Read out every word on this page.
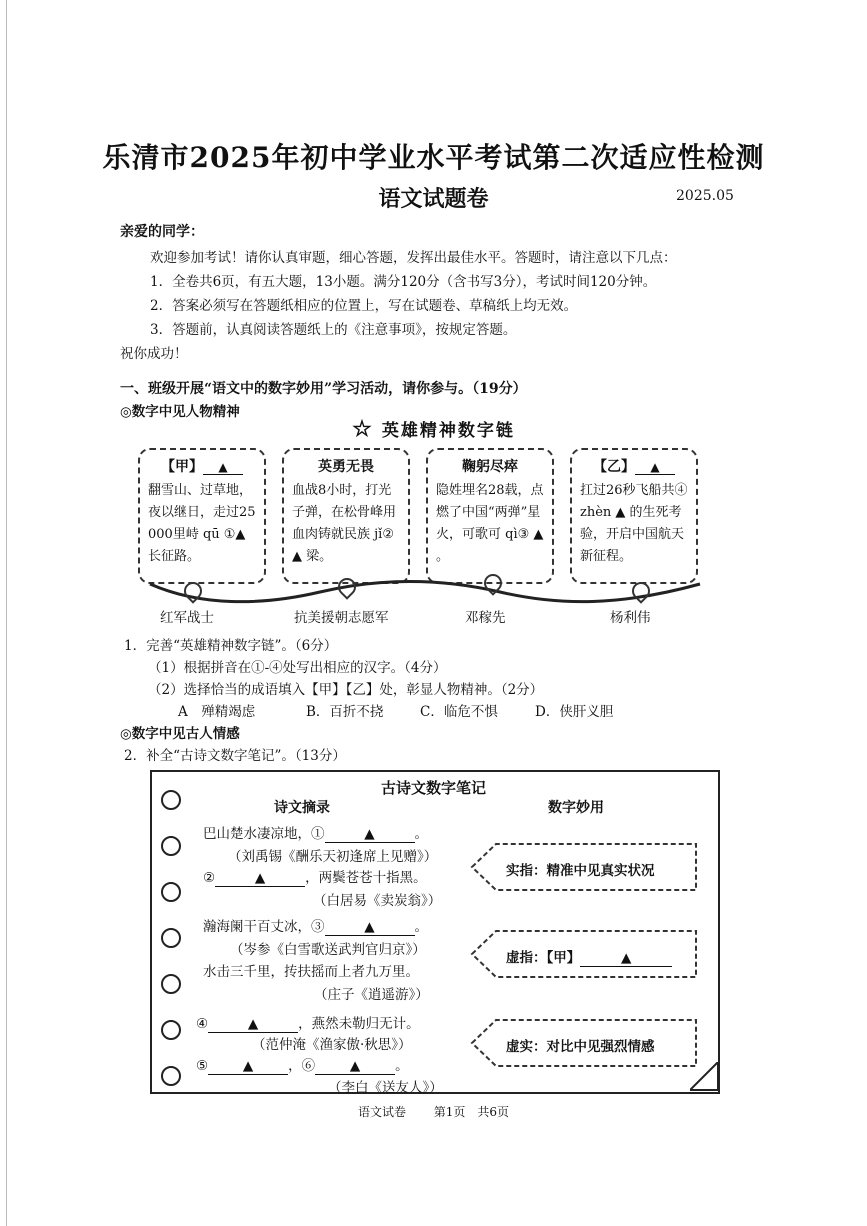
乐清市2025年初中学业水平考试第二次适应性检测
语文试题卷	2025.05
亲爱的同学：
欢迎参加考试！请你认真审题，细心答题，发挥出最佳水平。答题时，请注意以下几点：
1．全卷共6页，有五大题，13小题。满分120分（含书写3分），考试时间120分钟。
2．答案必须写在答题纸相应的位置上，写在试题卷、草稿纸上均无效。
3．答题前，认真阅读答题纸上的《注意事项》，按规定答题。
祝你成功！
一、班级开展“语文中的数字妙用”学习活动，请你参与。（19分）
◎数字中见人物精神
☆ 英雄精神数字链
【甲】 ▲
翻雪山、过草地，夜以继日，走过25000里峙 qū ①▲ 长征路。
英勇无畏
血战8小时，打光子弹，在松骨峰用血肉铸就民族 jǐ② ▲ 梁。
鞠躬尽瘁
隐姓埋名28载，点燃了中国“两弹”星火，可歌可 qì③ ▲ 。
【乙】 ▲
扛过26秒飞船共④zhèn ▲ 的生死考验，开启中国航天新征程。
红军战士	抗美援朝志愿军	邓稼先	杨利伟
1．完善“英雄精神数字链”。（6分）
（1）根据拼音在①-④处写出相应的汉字。（4分）
（2）选择恰当的成语填入【甲】【乙】处，彰显人物精神。（2分）
A　殚精竭虑	B．百折不挠	C．临危不惧	D．侠肝义胆
◎数字中见古人情感
2．补全“古诗文数字笔记”。（13分）
古诗文数字笔记
诗文摘录	数字妙用
巴山楚水凄凉地，①	▲	。
（刘禹锡《酬乐天初逢席上见赠》）
②	▲	，两鬓苍苍十指黑。
（白居易《卖炭翁》）
瀚海阑干百丈冰，③	▲	。
（岑参《白雪歌送武判官归京》）
水击三千里，抟扶摇而上者九万里。
（庄子《逍遥游》）
④	▲	，燕然未勒归无计。
（范仲淹《渔家傲·秋思》）
⑤	▲	，⑥	▲	。
（李白《送友人》）
实指：精准中见真实状况
虚指：【甲】	▲
虚实：对比中见强烈情感
语文试卷　　 第1页　共6页
